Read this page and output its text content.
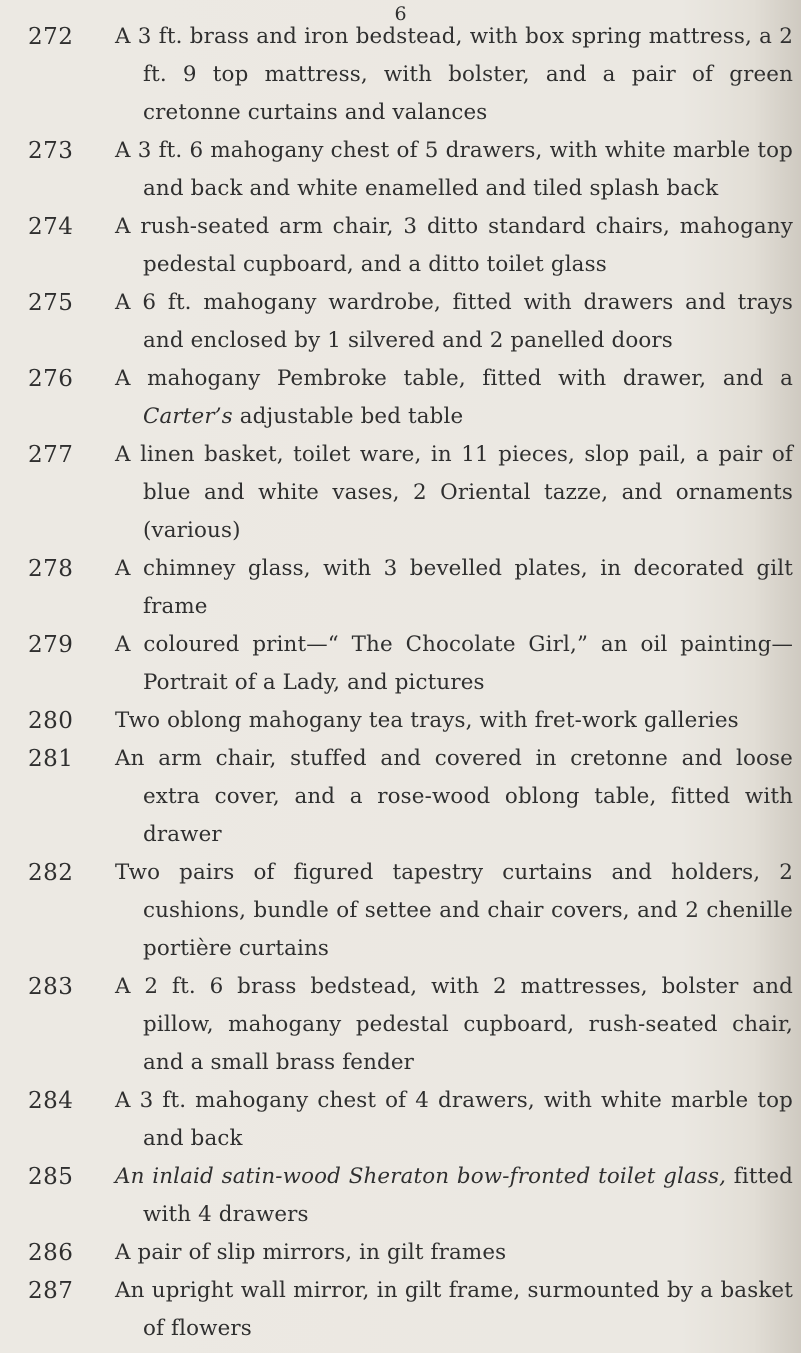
6
272	A 3 ft. brass and iron bedstead, with box spring mattress, a 2 ft. 9 top mattress, with bolster, and a pair of green cretonne curtains and valances
273	A 3 ft. 6 mahogany chest of 5 drawers, with white marble top and back and white enamelled and tiled splash back
274	A rush-seated arm chair, 3 ditto standard chairs, mahogany pedestal cupboard, and a ditto toilet glass
275	A 6 ft. mahogany wardrobe, fitted with drawers and trays and enclosed by 1 silvered and 2 panelled doors
276	A mahogany Pembroke table, fitted with drawer, and a Carter’s adjustable bed table
277	A linen basket, toilet ware, in 11 pieces, slop pail, a pair of blue and white vases, 2 Oriental tazze, and ornaments (various)
278	A chimney glass, with 3 bevelled plates, in decorated gilt frame
279	A coloured print—“ The Chocolate Girl,” an oil painting— Portrait of a Lady, and pictures
280	Two oblong mahogany tea trays, with fret-work galleries
281	An arm chair, stuffed and covered in cretonne and loose extra cover, and a rose-wood oblong table, fitted with drawer
282	Two pairs of figured tapestry curtains and holders, 2 cushions, bundle of settee and chair covers, and 2 chenille portière curtains
283	A 2 ft. 6 brass bedstead, with 2 mattresses, bolster and pillow, mahogany pedestal cupboard, rush-seated chair, and a small brass fender
284	A 3 ft. mahogany chest of 4 drawers, with white marble top and back
285	An inlaid satin-wood Sheraton bow-fronted toilet glass, fitted with 4 drawers
286	A pair of slip mirrors, in gilt frames
287	An upright wall mirror, in gilt frame, surmounted by a basket of flowers
